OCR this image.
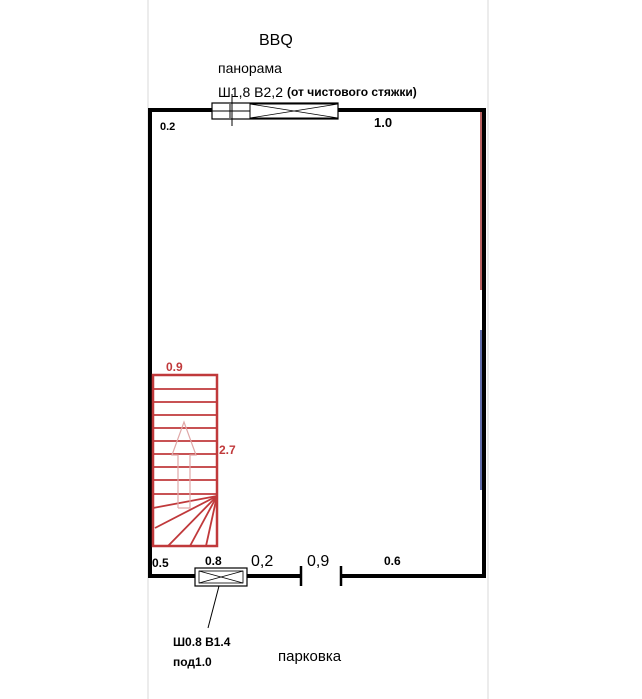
BBQ
панорама
Ш1,8 В2,2 (от чистового стяжки)
0.2	1.0
0.9
2.7
0.5	0.8 0,2 0,9	0.6
Ш0.8 В1.4
под1.0	парковка
